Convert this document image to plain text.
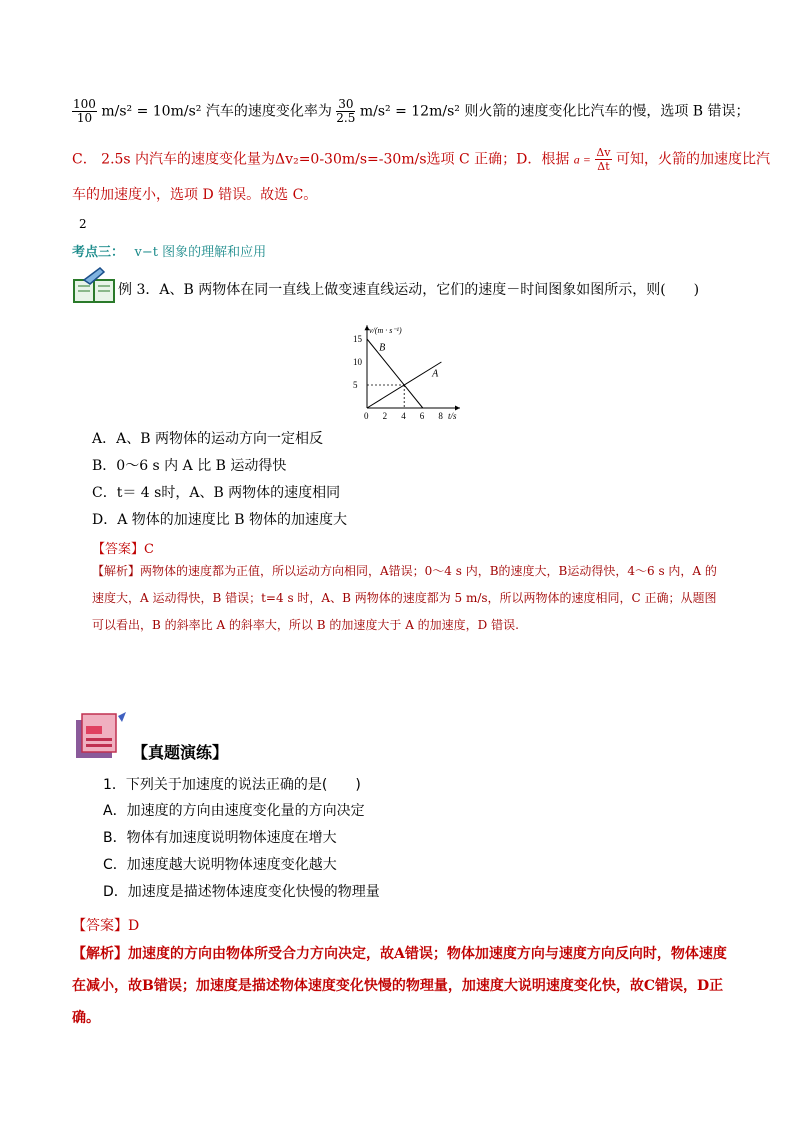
$\frac{100}{10} m/s^2 = 10m/s^2$ 汽车的速度变化率为 $\frac{30}{2.5} m/s^2 = 12m/s^2$ 则火箭的速度变化比汽车的慢，选项 B 错误；
C． 2.5s 内汽车的速度变化量为Δv₂=0-30m/s=-30m/s选项 C 正确；D．根据 $a = \frac{\Delta v}{\Delta t}$ 可知，火箭的加速度比汽
车的加速度小，选项 D 错误。故选 C。
2
考点三： v−t 图象的理解和应用
例 3．A、B 两物体在同一直线上做变速直线运动，它们的速度－时间图象如图所示，则(　　)
0 2 4 6 8
5
10
15
v/(m · s⁻¹)
t/s
B
A
A．A、B 两物体的运动方向一定相反
B．0～6 s 内 A 比 B 运动得快
C．t＝ 4 s时，A、B 两物体的速度相同
D．A 物体的加速度比 B 物体的加速度大
【答案】C
【解析】两物体的速度都为正值，所以运动方向相同，A错误；0～4 s 内，B的速度大，B运动得快，4～6 s 内，A 的速度大，A 运动得快，B 错误；t=4 s 时，A、B 两物体的速度都为 5 m/s，所以两物体的速度相同，C 正确；从题图可以看出，B 的斜率比 A 的斜率大，所以 B 的加速度大于 A 的加速度，D 错误.
【真题演练】
1．下列关于加速度的说法正确的是(　　)
A．加速度的方向由速度变化量的方向决定
B．物体有加速度说明物体速度在增大
C．加速度越大说明物体速度变化越大
D．加速度是描述物体速度变化快慢的物理量
【答案】D
【解析】加速度的方向由物体所受合力方向决定，故A错误；物体加速度方向与速度方向反向时，物体速度在减小，故B错误；加速度是描述物体速度变化快慢的物理量，加速度大说明速度变化快，故C错误，D正确。
